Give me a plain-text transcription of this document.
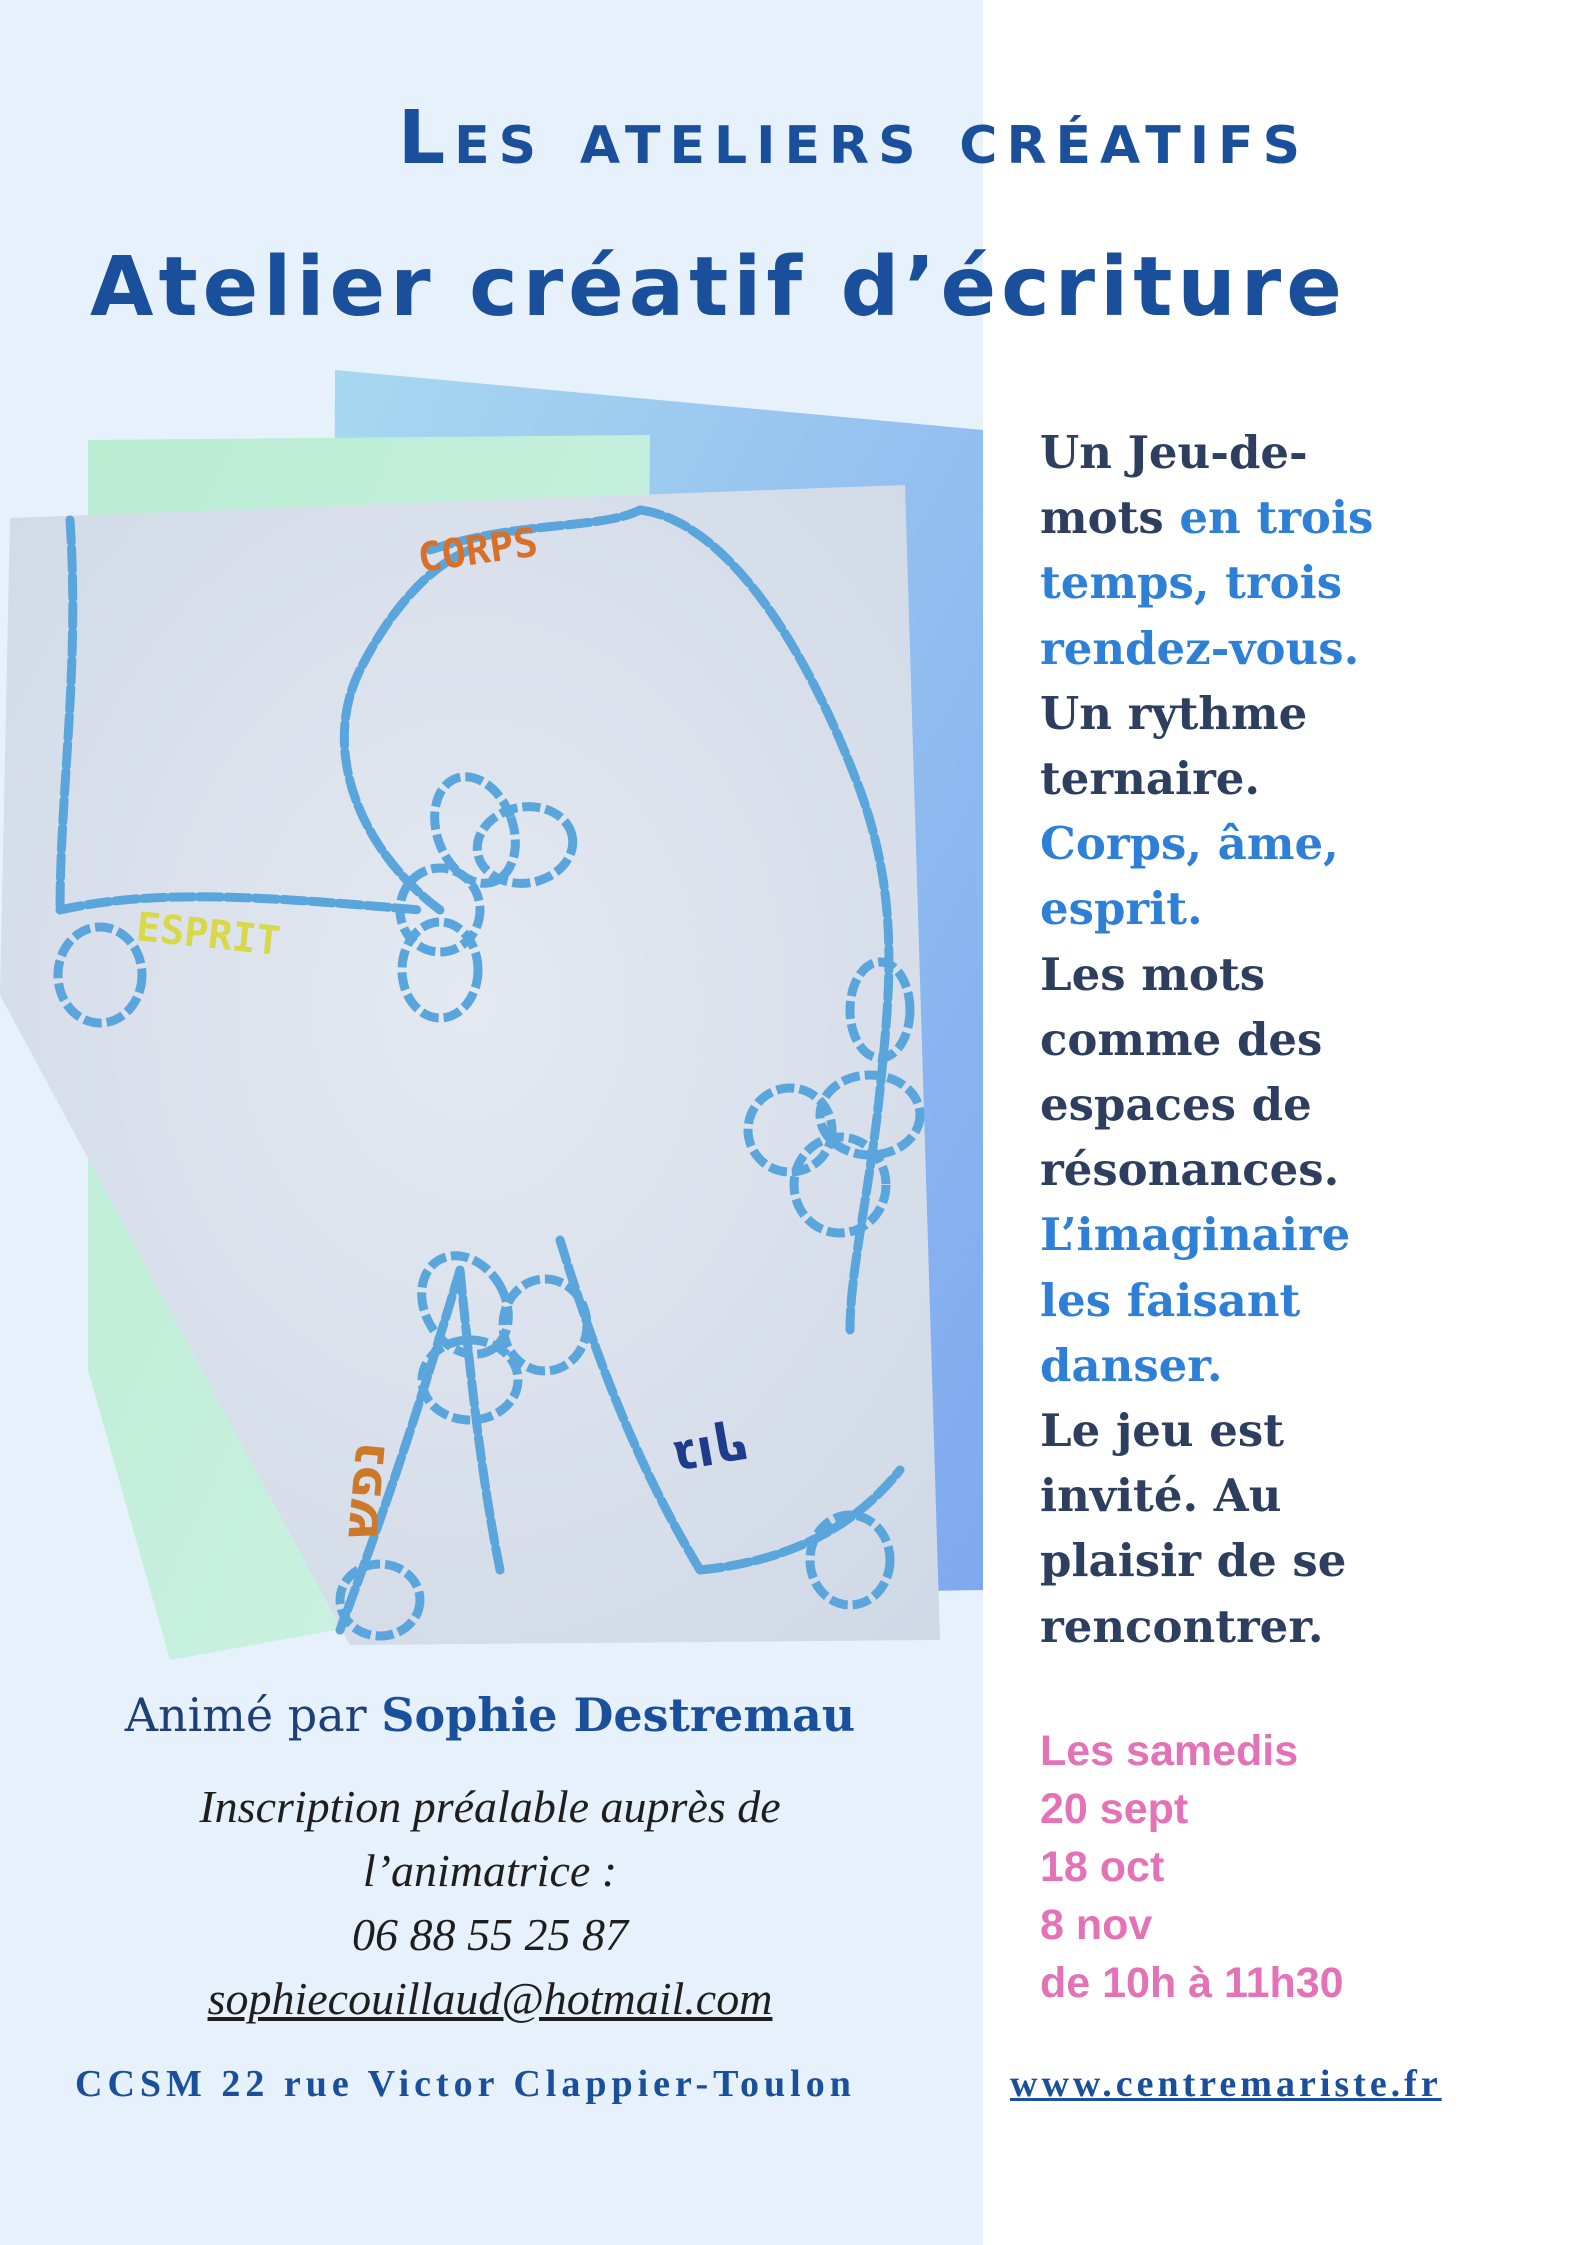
Les ateliers créatifs
Atelier créatif d’écriture
CORPS
ESPRIT
נפש	גוף
Un Jeu-de-
mots en trois
temps, trois
rendez-vous.
Un rythme
ternaire.
Corps, âme,
esprit.
Les mots
comme des
espaces de
résonances.
L’imaginaire
les faisant
danser.
Le jeu est
invité. Au
plaisir de se
rencontrer.
Les samedis
20 sept
18 oct
8 nov
de 10h à 11h30
Animé par Sophie Destremau
Inscription préalable auprès de
l’animatrice :
06 88 55 25 87
sophiecouillaud@hotmail.com
CCSM 22 rue Victor Clappier-Toulon	www.centremariste.fr
